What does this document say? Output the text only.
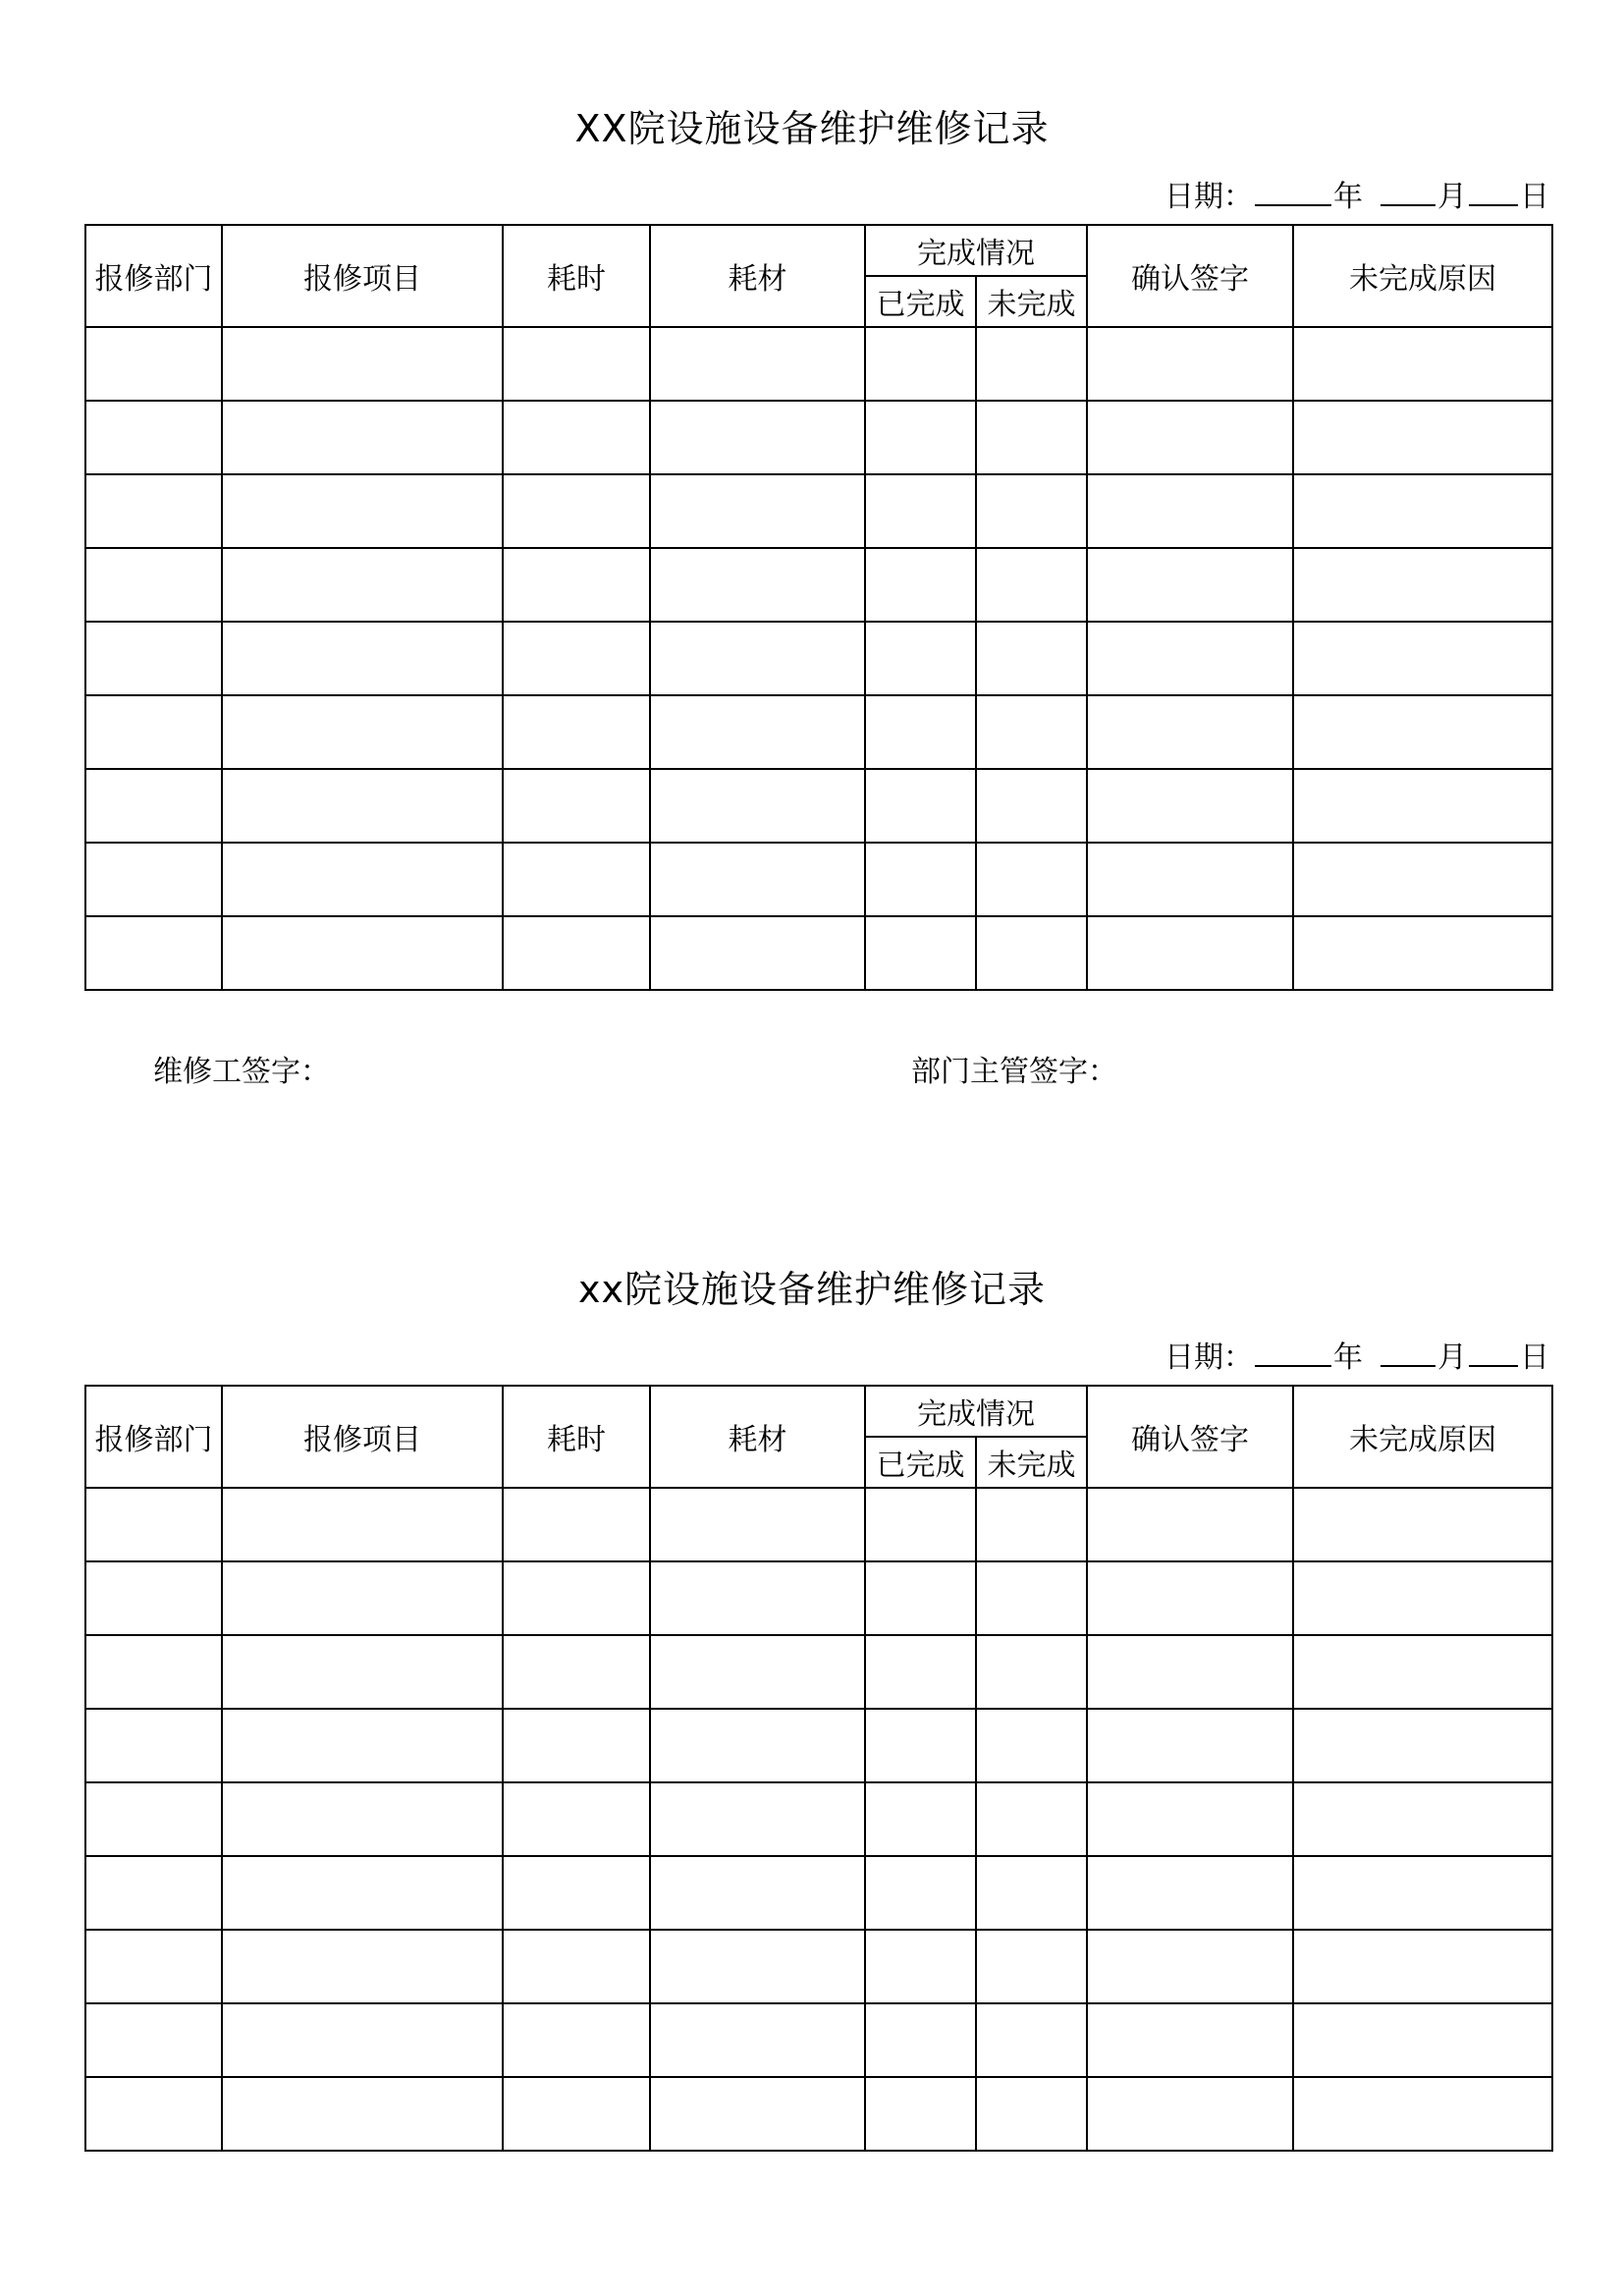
XX院设施设备维护维修记录
日期：	年	月 日
报修部门	报修项目	耗时	耗材	完成情况		确认签字	未完成原因
				已完成	未完成		

维修工签字：	部门主管签字：
xx院设施设备维护维修记录
日期：	年	月 日
报修部门	报修项目	耗时	耗材	完成情况		确认签字	未完成原因
				已完成	未完成		
